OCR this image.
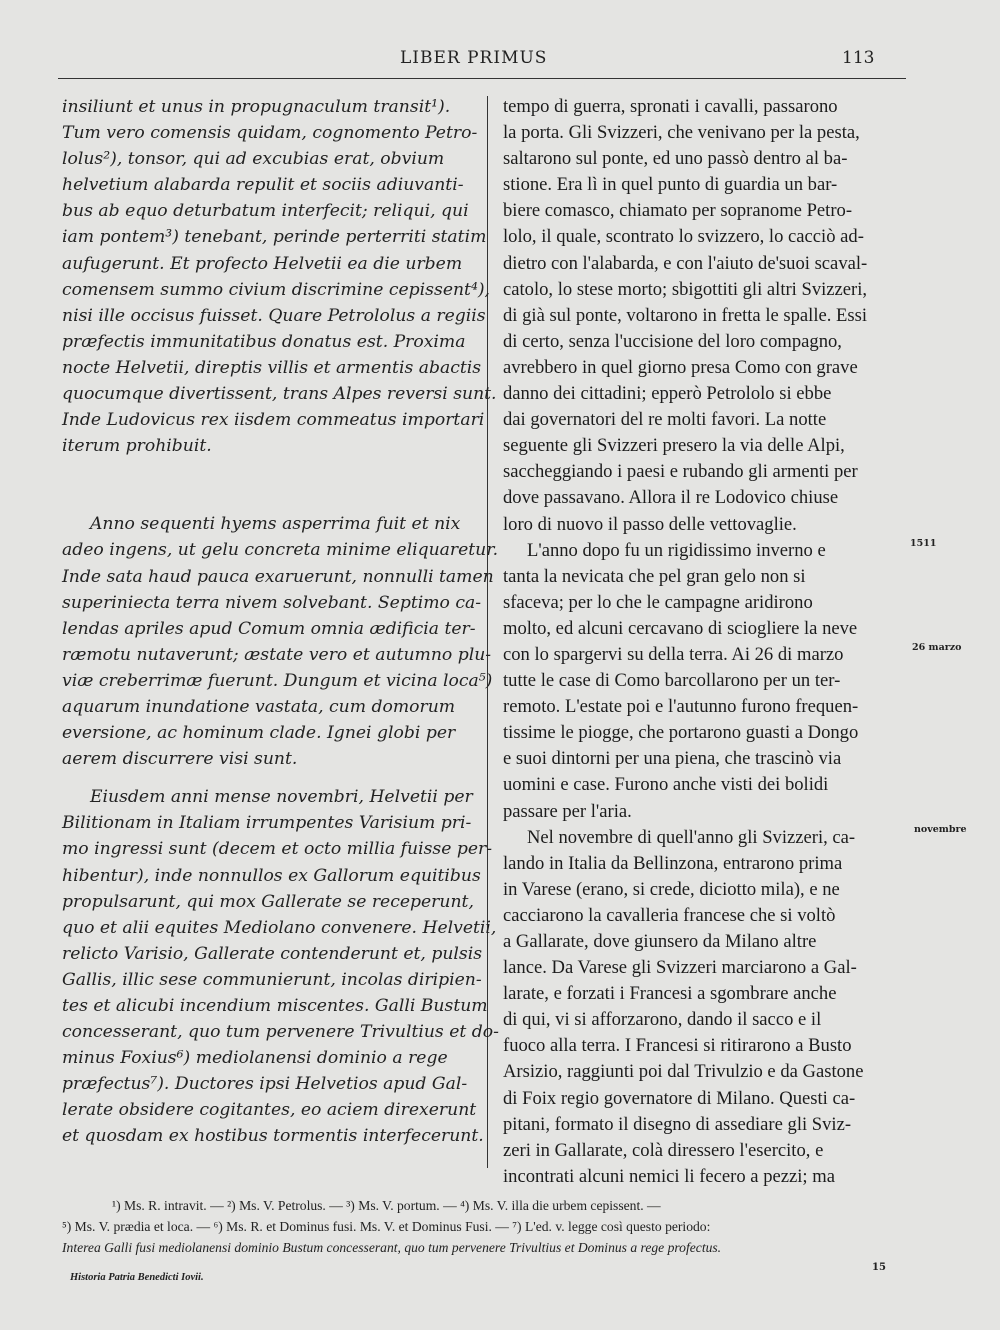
LIBER PRIMUS	113

insiliunt et unus in propugnaculum transit¹).

Tum vero comensis quidam, cognomento Petro-

lolus²), tonsor, qui ad excubias erat, obvium

helvetium alabarda repulit et sociis adiuvanti-

bus ab equo deturbatum interfecit; reliqui, qui

iam pontem³) tenebant, perinde perterriti statim

aufugerunt. Et profecto Helvetii ea die urbem

comensem summo civium discrimine cepissent⁴),

nisi ille occisus fuisset. Quare Petrololus a regiis

præfectis immunitatibus donatus est. Proxima

nocte Helvetii, direptis villis et armentis abactis

quocumque divertissent, trans Alpes reversi sunt.

Inde Ludovicus rex iisdem commeatus importari

iterum prohibuit.

Anno sequenti hyems asperrima fuit et nix

adeo ingens, ut gelu concreta minime eliquaretur.

Inde sata haud pauca exaruerunt, nonnulli tamen

superiniecta terra nivem solvebant. Septimo ca-

lendas apriles apud Comum omnia ædificia ter-

ræmotu nutaverunt; æstate vero et autumno plu-

viæ creberrimæ fuerunt. Dungum et vicina loca⁵)

aquarum inundatione vastata, cum domorum

eversione, ac hominum clade. Ignei globi per

aerem discurrere visi sunt.

Eiusdem anni mense novembri, Helvetii per

Bilitionam in Italiam irrumpentes Varisium pri-

mo ingressi sunt (decem et octo millia fuisse per-

hibentur), inde nonnullos ex Gallorum equitibus

propulsarunt, qui mox Gallerate se receperunt,

quo et alii equites Mediolano convenere. Helvetii,

relicto Varisio, Gallerate contenderunt et, pulsis

Gallis, illic sese communierunt, incolas diripien-

tes et alicubi incendium miscentes. Galli Bustum

concesserant, quo tum pervenere Trivultius et do-

minus Foxius⁶) mediolanensi dominio a rege

præfectus⁷). Ductores ipsi Helvetios apud Gal-

lerate obsidere cogitantes, eo aciem direxerunt

et quosdam ex hostibus tormentis interfecerunt.

tempo di guerra, spronati i cavalli, passarono

la porta. Gli Svizzeri, che venivano per la pesta,

saltarono sul ponte, ed uno passò dentro al ba-

stione. Era lì in quel punto di guardia un bar-

biere comasco, chiamato per sopranome Petro-

lolo, il quale, scontrato lo svizzero, lo cacciò ad-

dietro con l'alabarda, e con l'aiuto de'suoi scaval-

catolo, lo stese morto; sbigottiti gli altri Svizzeri,

di già sul ponte, voltarono in fretta le spalle. Essi

di certo, senza l'uccisione del loro compagno,

avrebbero in quel giorno presa Como con grave

danno dei cittadini; epperò Petrololo si ebbe

dai governatori del re molti favori. La notte

seguente gli Svizzeri presero la via delle Alpi,

saccheggiando i paesi e rubando gli armenti per

dove passavano. Allora il re Lodovico chiuse

loro di nuovo il passo delle vettovaglie.

L'anno dopo fu un rigidissimo inverno e

tanta la nevicata che pel gran gelo non si

sfaceva; per lo che le campagne aridirono

molto, ed alcuni cercavano di sciogliere la neve

con lo spargervi su della terra. Ai 26 di marzo

tutte le case di Como barcollarono per un ter-

remoto. L'estate poi e l'autunno furono frequen-

tissime le piogge, che portarono guasti a Dongo

e suoi dintorni per una piena, che trascinò via

uomini e case. Furono anche visti dei bolidi

passare per l'aria.

Nel novembre di quell'anno gli Svizzeri, ca-

lando in Italia da Bellinzona, entrarono prima

in Varese (erano, si crede, diciotto mila), e ne

cacciarono la cavalleria francese che si voltò

a Gallarate, dove giunsero da Milano altre

lance. Da Varese gli Svizzeri marciarono a Gal-

larate, e forzati i Francesi a sgombrare anche

di qui, vi si afforzarono, dando il sacco e il

fuoco alla terra. I Francesi si ritirarono a Busto

Arsizio, raggiunti poi dal Trivulzio e da Gastone

di Foix regio governatore di Milano. Questi ca-

pitani, formato il disegno di assediare gli Sviz-

zeri in Gallarate, colà diressero l'esercito, e

incontrati alcuni nemici li fecero a pezzi; ma

1511
26 marzo
novembre

¹) Ms. R. intravit. — ²) Ms. V. Petrolus. — ³) Ms. V. portum. — ⁴) Ms. V. illa die urbem cepissent. —

⁵) Ms. V. prædia et loca. — ⁶) Ms. R. et Dominus fusi. Ms. V. et Dominus Fusi. — ⁷) L'ed. v. legge così questo periodo:

Interea Galli fusi mediolanensi dominio Bustum concesserant, quo tum pervenere Trivultius et Dominus a rege profectus.

Historia Patria Benedicti Iovii.
15
